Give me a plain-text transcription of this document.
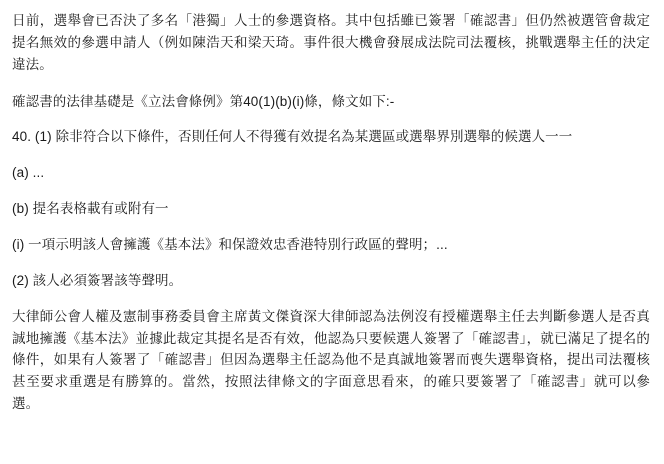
日前，選舉會已否決了多名「港獨」人士的參選資格。其中包括雖已簽署「確認書」但仍然被選管會裁定提名無效的參選申請人（例如陳浩天和梁天琦。事件很大機會發展成法院司法覆核，挑戰選舉主任的決定違法。

確認書的法律基礎是《立法會條例》第40(1)(b)(i)條，條文如下:-

40. (1) 除非符合以下條件，否則任何人不得獲有效提名為某選區或選舉界別選舉的候選人一一

(a) ...

(b) 提名表格載有或附有一

(i) 一項示明該人會擁護《基本法》和保證效忠香港特別行政區的聲明；...

(2) 該人必須簽署該等聲明。

大律師公會人權及憲制事務委員會主席黃文傑資深大律師認為法例沒有授權選舉主任去判斷參選人是否真誠地擁護《基本法》並據此裁定其提名是否有效，他認為只要候選人簽署了「確認書」，就已滿足了提名的條件，如果有人簽署了「確認書」但因為選舉主任認為他不是真誠地簽署而喪失選舉資格，提出司法覆核甚至要求重選是有勝算的。當然，按照法律條文的字面意思看來，的確只要簽署了「確認書」就可以參選。
